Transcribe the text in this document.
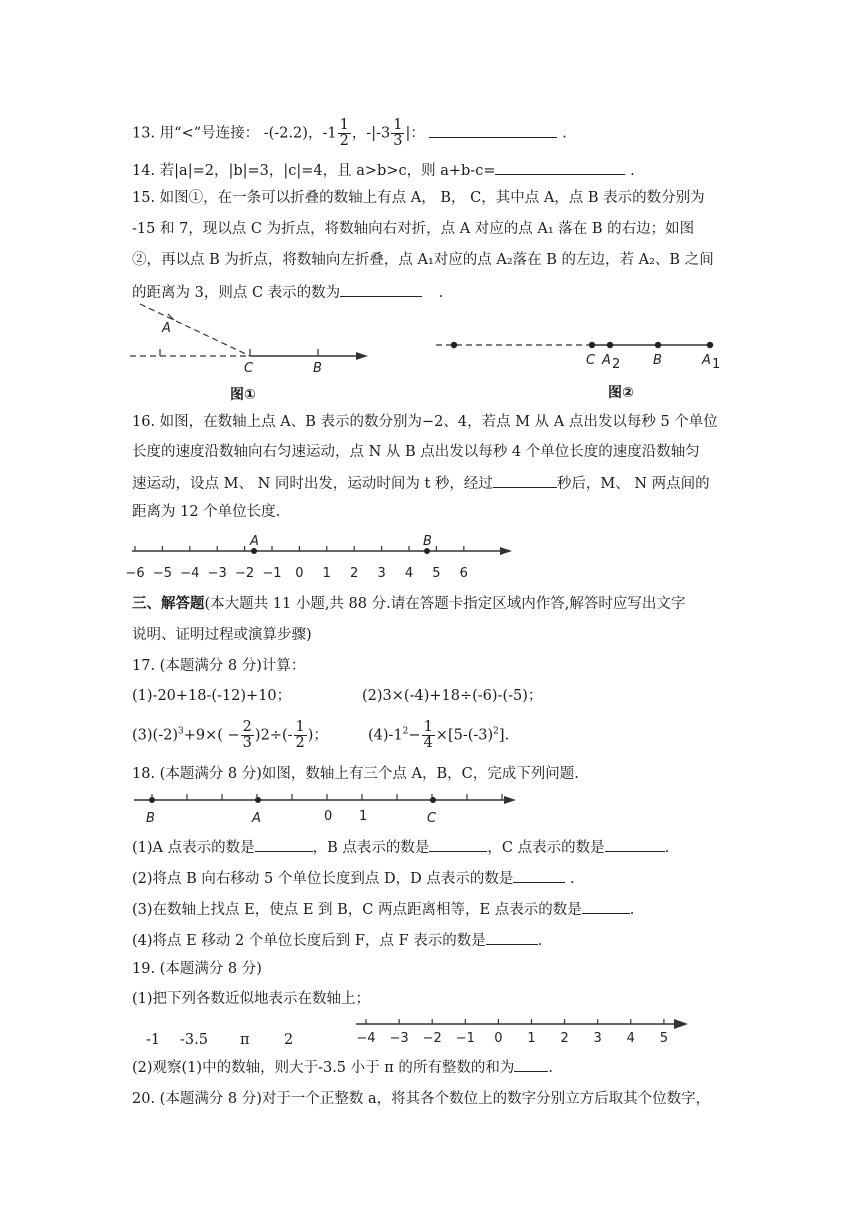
13. 用“<”号连接： -(-2.2)，$-1 \frac{1}{2}$ ，$-|-3 \frac{1}{3}$ |：	.
14. 若|a|=2，|b|=3，|c|=4，且 a>b>c，则 a+b-c=	.
15. 如图①，在一条可以折叠的数轴上有点 A， B， C，其中点 A，点 B 表示的数分别为
-15 和 7，现以点 C 为折点，将数轴向右对折，点 A 对应的点 A₁ 落在 B 的右边；如图
②，再以点 B 为折点，将数轴向左折叠，点 A₁对应的点 A₂落在 B 的左边，若 A₂、B 之间
的距离为 3，则点 C 表示的数为	.
A
C	B
图①
C A 2	B	A 1
图②
16. 如图，在数轴上点 A、B 表示的数分别为−2、4，若点 M 从 A 点出发以每秒 5 个单位
长度的速度沿数轴向右匀速运动，点 N 从 B 点出发以每秒 4 个单位长度的速度沿数轴匀
速运动，设点 M、 N 同时出发，运动时间为 t 秒，经过	秒后，M、 N 两点间的
距离为 12 个单位长度.
A	B
−6 −5 −4 −3 −2 −1 0 1 2 3 4 5 6
三、解答题(本大题共 11 小题,共 88 分.请在答题卡指定区域内作答,解答时应写出文字
说明、证明过程或演算步骤)
17. (本题满分 8 分)计算：
(1)-20+18-(-12)+10；	(2)3×(-4)+18÷(-6)-(-5)；
$(3)(-2)^3+9\times( - \frac{2}{3} )2\div(- \frac{1}{2}$ )；	$(4)-1^2- \frac{1}{4} \times[5-(-3)^2]$.
18. (本题满分 8 分)如图，数轴上有三个点 A，B，C，完成下列问题.
B	A	0 1	C
(1)A 点表示的数是	，B 点表示的数是	，C 点表示的数是	.
(2)将点 B 向右移动 5 个单位长度到点 D，D 点表示的数是	.
(3)在数轴上找点 E，使点 E 到 B，C 两点距离相等，E 点表示的数是	.
(4)将点 E 移动 2 个单位长度后到 F，点 F 表示的数是	.
19. (本题满分 8 分)
(1)把下列各数近似地表示在数轴上；
-1 -3.5 π 2	−4 −3 −2 −1 0 1 2 3 4 5
(2)观察(1)中的数轴，则大于-3.5 小于 π 的所有整数的和为 .
20. (本题满分 8 分)对于一个正整数 a，将其各个数位上的数字分别立方后取其个位数字，
